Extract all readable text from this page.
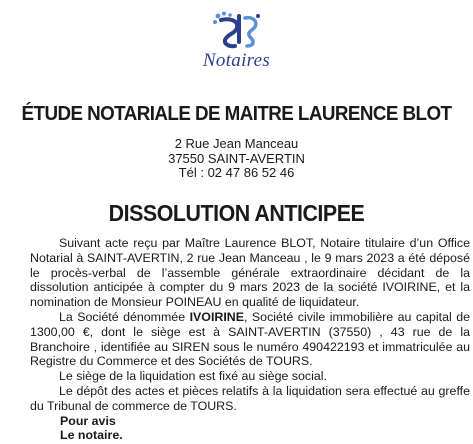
Notaires
ÉTUDE NOTARIALE DE MAITRE LAURENCE BLOT
2 Rue Jean Manceau
37550 SAINT-AVERTIN
Tél : 02 47 86 52 46
DISSOLUTION ANTICIPEE

Suivant acte reçu par Maître Laurence BLOT, Notaire titulaire d’un Office Notarial à SAINT-AVERTIN, 2 rue Jean Manceau , le 9 mars 2023 a été déposé le procès-verbal de l’assemble générale extraordinaire décidant de la dissolution anticipée à compter du 9 mars 2023 de la société IVOIRINE, et la nomination de Monsieur POINEAU en qualité de liquidateur.

La Société dénommée IVOIRINE, Société civile immobilière au capital de 1300,00 €, dont le siège est à SAINT-AVERTIN (37550) , 43 rue de la Branchoire , identifiée au SIREN sous le numéro 490422193 et immatriculée au Registre du Commerce et des Sociétés de TOURS.

Le siège de la liquidation est fixé au siège social.

Le dépôt des actes et pièces relatifs à la liquidation sera effectué au greffe du Tribunal de commerce de TOURS.

Pour avis
Le notaire.
